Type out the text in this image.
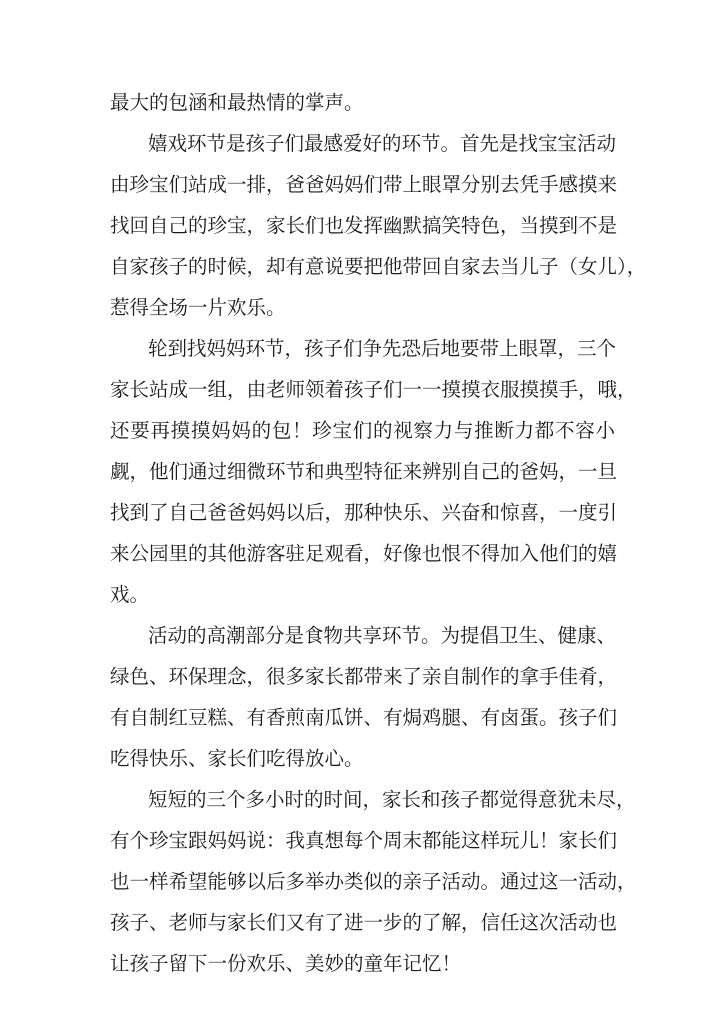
最大的包涵和最热情的掌声。
嬉戏环节是孩子们最感爱好的环节。首先是找宝宝活动
由珍宝们站成一排，爸爸妈妈们带上眼罩分别去凭手感摸来
找回自己的珍宝，家长们也发挥幽默搞笑特色，当摸到不是
自家孩子的时候，却有意说要把他带回自家去当儿子（女儿），
惹得全场一片欢乐。
轮到找妈妈环节，孩子们争先恐后地要带上眼罩，三个
家长站成一组，由老师领着孩子们一一摸摸衣服摸摸手，哦，
还要再摸摸妈妈的包！珍宝们的视察力与推断力都不容小
觑，他们通过细微环节和典型特征来辨别自己的爸妈，一旦
找到了自己爸爸妈妈以后，那种快乐、兴奋和惊喜，一度引
来公园里的其他游客驻足观看，好像也恨不得加入他们的嬉
戏。
活动的高潮部分是食物共享环节。为提倡卫生、健康、
绿色、环保理念，很多家长都带来了亲自制作的拿手佳肴，
有自制红豆糕、有香煎南瓜饼、有焗鸡腿、有卤蛋。孩子们
吃得快乐、家长们吃得放心。
短短的三个多小时的时间，家长和孩子都觉得意犹未尽，
有个珍宝跟妈妈说：我真想每个周末都能这样玩儿！家长们
也一样希望能够以后多举办类似的亲子活动。通过这一活动，
孩子、老师与家长们又有了进一步的了解，信任这次活动也
让孩子留下一份欢乐、美妙的童年记忆！
